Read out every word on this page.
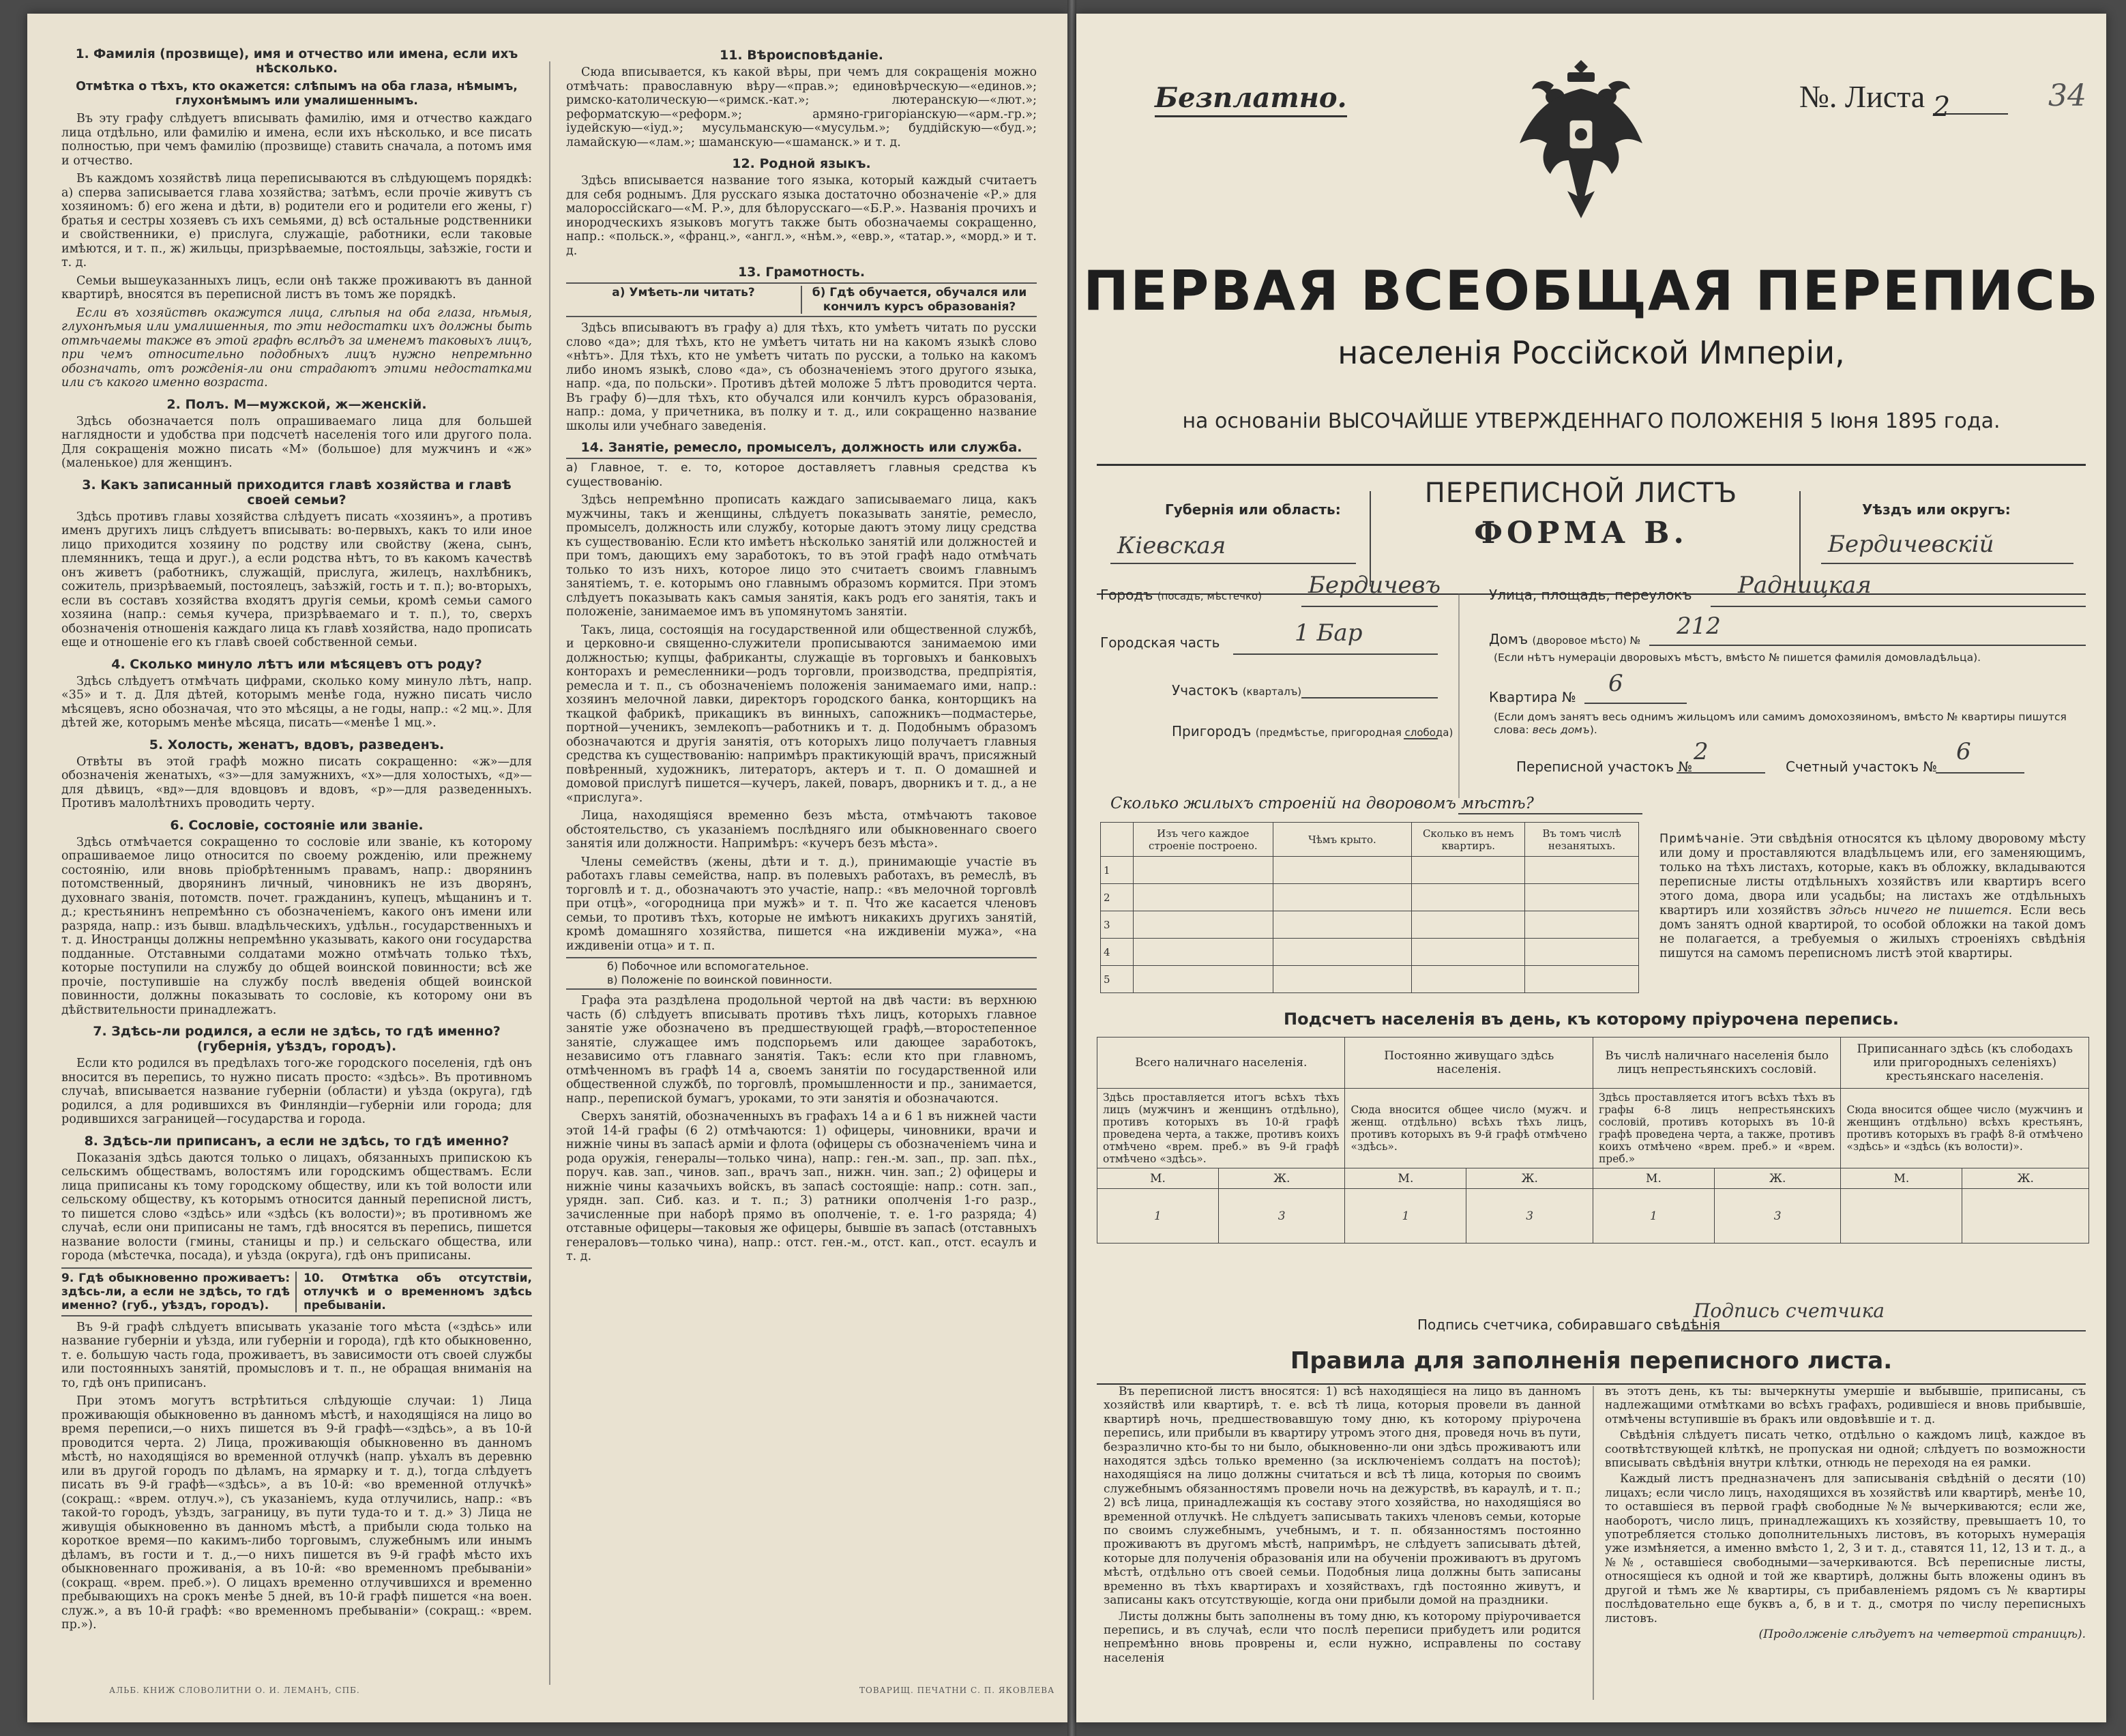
1. Фамилія (прозвище), имя и отчество или имена, если ихъ нѣсколько.

Отмѣтка о тѣхъ, кто окажется: слѣпымъ на оба глаза, нѣмымъ, глухонѣмымъ или умалишеннымъ.

Въ эту графу слѣдуетъ вписывать фамилію, имя и отчество каждаго лица отдѣльно, или фамилію и имена, если ихъ нѣсколько, и все писать полностью, при чемъ фамилію (прозвище) ставить сначала, а потомъ имя и отчество.

Въ каждомъ хозяйствѣ лица переписываются въ слѣдующемъ порядкѣ: а) сперва записывается глава хозяйства; затѣмъ, если прочіе живутъ съ хозяиномъ: б) его жена и дѣти, в) родители его и родители его жены, г) братья и сестры хозяевъ съ ихъ семьями, д) всѣ остальные родственники и свойственники, е) прислуга, служащіе, работники, если таковые имѣются, и т. п., ж) жильцы, призрѣваемые, постояльцы, заѣзжіе, гости и т. д.

Семьи вышеуказанныхъ лицъ, если онѣ также проживаютъ въ данной квартирѣ, вносятся въ переписной листъ въ томъ же порядкѣ.

Если въ хозяйствѣ окажутся лица, слѣпыя на оба глаза, нѣмыя, глухонѣмыя или умалишенныя, то эти недостатки ихъ должны быть отмѣчаемы также въ этой графѣ вслѣдъ за именемъ таковыхъ лицъ, при чемъ относительно подобныхъ лицъ нужно непремѣнно обозначать, отъ рожденія-ли они страдаютъ этими недостатками или съ какого именно возраста.

2. Полъ. М—мужской, ж—женскій.

Здѣсь обозначается полъ опрашиваемаго лица для большей наглядности и удобства при подсчетѣ населенія того или другого пола. Для сокращенія можно писать «М» (большое) для мужчинъ и «ж» (маленькое) для женщинъ.

3. Какъ записанный приходится главѣ хозяйства и главѣ своей семьи?

Здѣсь противъ главы хозяйства слѣдуетъ писать «хозяинъ», а противъ именъ другихъ лицъ слѣдуетъ вписывать: во-первыхъ, какъ то или иное лицо приходится хозяину по родству или свойству (жена, сынъ, племянникъ, теща и друг.), а если родства нѣтъ, то въ какомъ качествѣ онъ живетъ (работникъ, служащій, прислуга, жилецъ, нахлѣбникъ, сожитель, призрѣваемый, постоялецъ, заѣзжій, гость и т. п.); во-вторыхъ, если въ составъ хозяйства входятъ другія семьи, кромѣ семьи самого хозяина (напр.: семья кучера, призрѣваемаго и т. п.), то, сверхъ обозначенія отношенія каждаго лица къ главѣ хозяйства, надо прописать еще и отношеніе его къ главѣ своей собственной семьи.

4. Сколько минуло лѣтъ или мѣсяцевъ отъ роду?

Здѣсь слѣдуетъ отмѣчать цифрами, сколько кому минуло лѣтъ, напр. «35» и т. д. Для дѣтей, которымъ менѣе года, нужно писать число мѣсяцевъ, ясно обозначая, что это мѣсяцы, а не годы, напр.: «2 мц.». Для дѣтей же, которымъ менѣе мѣсяца, писать—«менѣе 1 мц.».

5. Холость, женатъ, вдовъ, разведенъ.

Отвѣты въ этой графѣ можно писать сокращенно: «ж»—для обозначенія женатыхъ, «з»—для замужнихъ, «х»—для холостыхъ, «д»—для дѣвицъ, «вд»—для вдовцовъ и вдовъ, «р»—для разведенныхъ. Противъ малолѣтнихъ проводить черту.

6. Сословіе, состояніе или званіе.

Здѣсь отмѣчается сокращенно то сословіе или званіе, къ которому опрашиваемое лицо относится по своему рожденію, или прежнему состоянію, или вновь пріобрѣтеннымъ правамъ, напр.: дворянинъ потомственный, дворянинъ личный, чиновникъ не изъ дворянъ, духовнаго званія, потомств. почет. гражданинъ, купецъ, мѣщанинъ и т. д.; крестьянинъ непремѣнно съ обозначеніемъ, какого онъ имени или разряда, напр.: изъ бывш. владѣльческихъ, удѣльн., государственныхъ и т. д. Иностранцы должны непремѣнно указывать, какого они государства подданные. Отставными солдатами можно отмѣчать только тѣхъ, которые поступили на службу до общей воинской повинности; всѣ же прочіе, поступившіе на службу послѣ введенія общей воинской повинности, должны показывать то сословіе, къ которому они въ дѣйствительности принадлежатъ.

7. Здѣсь-ли родился, а если не здѣсь, то гдѣ именно? (губернія, уѣздъ, городъ).

Если кто родился въ предѣлахъ того-же городского поселенія, гдѣ онъ вносится въ перепись, то нужно писать просто: «здѣсь». Въ противномъ случаѣ, вписывается название губерніи (области) и уѣзда (округа), гдѣ родился, а для родившихся въ Финляндіи—губерніи или города; для родившихся заграницей—государства и города.

8. Здѣсь-ли приписанъ, а если не здѣсь, то гдѣ именно?

Показанія здѣсь даются только о лицахъ, обязанныхъ припискою къ сельскимъ обществамъ, волостямъ или городскимъ обществамъ. Если лица приписаны къ тому городскому обществу, или къ той волости или сельскому обществу, къ которымъ относится данный переписной листъ, то пишется слово «здѣсь» или «здѣсь (къ волости)»; въ противномъ же случаѣ, если они приписаны не тамъ, гдѣ вносятся въ перепись, пишется название волости (гмины, станицы и пр.) и сельскаго общества, или города (мѣстечка, посада), и уѣзда (округа), гдѣ онъ приписаны.

9. Гдѣ обыкновенно проживаетъ: здѣсь-ли, а если не здѣсь, то гдѣ именно? (губ., уѣздъ, городъ).
10. Отмѣтка объ отсутствіи, отлучкѣ и о временномъ здѣсь пребываніи.

Въ 9-й графѣ слѣдуетъ вписывать указаніе того мѣста («здѣсь» или название губерніи и уѣзда, или губерніи и города), гдѣ кто обыкновенно, т. е. большую часть года, проживаетъ, въ зависимости отъ своей службы или постоянныхъ занятій, промысловъ и т. п., не обращая вниманія на то, гдѣ онъ приписанъ.

При этомъ могутъ встрѣтиться слѣдующіе случаи: 1) Лица проживающія обыкновенно въ данномъ мѣстѣ, и находящіяся на лицо во время переписи,—о нихъ пишется въ 9-й графѣ—«здѣсь», а въ 10-й проводится черта. 2) Лица, проживающія обыкновенно въ данномъ мѣстѣ, но находящіяся во временной отлучкѣ (напр. уѣхалъ въ деревню или въ другой городъ по дѣламъ, на ярмарку и т. д.), тогда слѣдуетъ писать въ 9-й графѣ—«здѣсь», а въ 10-й: «во временной отлучкѣ» (сокращ.: «врем. отлуч.»), съ указаніемъ, куда отлучились, напр.: «въ такой-то городъ, уѣздъ, заграницу, въ пути туда-то и т. д.» 3) Лица не живущія обыкновенно въ данномъ мѣстѣ, а прибыли сюда только на короткое время—по какимъ-либо торговымъ, служебнымъ или инымъ дѣламъ, въ гости и т. д.,—о нихъ пишется въ 9-й графѣ мѣсто ихъ обыкновеннаго проживанія, а въ 10-й: «во временномъ пребываніи» (сокращ. «врем. преб.»). О лицахъ временно отлучившихся и временно пребывающихъ на срокъ менѣе 5 дней, въ 10-й графѣ пишется «на воен. служ.», а въ 10-й графѣ: «во временномъ пребываніи» (сокращ.: «врем. пр.»).

11. Вѣроисповѣданіе.

Сюда вписывается, къ какой вѣры, при чемъ для сокращенія можно отмѣчать: православную вѣру—«прав.»; единовѣрческую—«единов.»; римско-католическую—«римск.-кат.»; лютеранскую—«лют.»; реформатскую—«реформ.»; армяно-григоріанскую—«арм.-гр.»; іудейскую—«іуд.»; мусульманскую—«мусульм.»; буддійскую—«буд.»; ламайскую—«лам.»; шаманскую—«шаманск.» и т. д.

12. Родной языкъ.

Здѣсь вписывается название того языка, который каждый считаетъ для себя роднымъ. Для русскаго языка достаточно обозначеніе «Р.» для малороссійскаго—«М. Р.», для бѣлорусскаго—«Б.Р.». Названія прочихъ и инородческихъ языковъ могутъ также быть обозначаемы сокращенно, напр.: «польск.», «франц.», «англ.», «нѣм.», «евр.», «татар.», «морд.» и т. д.

13. Грамотность.
а) Умѣеть-ли читать?	б) Гдѣ обучается, обучался или кончилъ курсъ образованія?

Здѣсь вписываютъ въ графу а) для тѣхъ, кто умѣетъ читать по русски слово «да»; для тѣхъ, кто не умѣетъ читать ни на какомъ языкѣ слово «нѣтъ». Для тѣхъ, кто не умѣетъ читать по русски, а только на какомъ либо иномъ языкѣ, слово «да», съ обозначеніемъ этого другого языка, напр. «да, по польски». Противъ дѣтей моложе 5 лѣтъ проводится черта. Въ графу б)—для тѣхъ, кто обучался или кончилъ курсъ образованія, напр.: дома, у причетника, въ полку и т. д., или сокращенно название школы или учебнаго заведенія.

14. Занятіе, ремесло, промыселъ, должность или служба.

а) Главное, т. е. то, которое доставляетъ главныя средства къ существованію.

Здѣсь непремѣнно прописать каждаго записываемаго лица, какъ мужчины, такъ и женщины, слѣдуетъ показывать занятіе, ремесло, промыселъ, должность или службу, которые даютъ этому лицу средства къ существованію. Если кто имѣетъ нѣсколько занятій или должностей и при томъ, дающихъ ему заработокъ, то въ этой графѣ надо отмѣчать только то изъ нихъ, которое лицо это считаетъ своимъ главнымъ занятіемъ, т. е. которымъ оно главнымъ образомъ кормится. При этомъ слѣдуетъ показывать какъ самыя занятія, какъ родъ его занятія, такъ и положеніе, занимаемое имъ въ упомянутомъ занятіи.

Такъ, лица, состоящія на государственной или общественной службѣ, и церковно-и священно-служители прописываются занимаемою ими должностью; купцы, фабриканты, служащіе въ торговыхъ и банковыхъ конторахъ и ремесленники—родъ торговли, производства, предпріятія, ремесла и т. п., съ обозначеніемъ положенія занимаемаго ими, напр.: хозяинъ мелочной лавки, директоръ городского банка, конторщикъ на ткацкой фабрикѣ, прикащикъ въ винныхъ, сапожникъ—подмастерье, портной—ученикъ, землекопъ—работникъ и т. д. Подобнымъ образомъ обозначаются и другія занятія, отъ которыхъ лицо получаетъ главныя средства къ существованію: напримѣръ практикующій врачъ, присяжный повѣренный, художникъ, литераторъ, актеръ и т. п. О домашней и домовой прислугѣ пишется—кучеръ, лакей, поваръ, дворникъ и т. д., а не «прислуга».

Лица, находящіяся временно безъ мѣста, отмѣчаютъ таковое обстоятельство, съ указаніемъ послѣдняго или обыкновеннаго своего занятія или должности. Напримѣръ: «кучеръ безъ мѣста».

Члены семействъ (жены, дѣти и т. д.), принимающіе участіе въ работахъ главы семейства, напр. въ полевыхъ работахъ, въ ремеслѣ, въ торговлѣ и т. д., обозначаютъ это участіе, напр.: «въ мелочной торговлѣ при отцѣ», «огородница при мужѣ» и т. п. Что же касается членовъ семьи, то противъ тѣхъ, которые не имѣютъ никакихъ другихъ занятій, кромѣ домашняго хозяйства, пишется «на иждивеніи мужа», «на иждивеніи отца» и т. п.

б) Побочное или вспомогательное.
в) Положеніе по воинской повинности.

Графа эта раздѣлена продольной чертой на двѣ части: въ верхнюю часть (б) слѣдуетъ вписывать противъ тѣхъ лицъ, которыхъ главное занятіе уже обозначено въ предшествующей графѣ,—второстепенное занятіе, служащее имъ подспорьемъ или дающее заработокъ, независимо отъ главнаго занятія. Такъ: если кто при главномъ, отмѣченномъ въ графѣ 14 а, своемъ занятіи по государственной или общественной службѣ, по торговлѣ, промышленности и пр., занимается, напр., перепиской бумагъ, уроками, то эти занятія и обозначаются.

Сверхъ занятій, обозначенныхъ въ графахъ 14 а и 6 1 въ нижней части этой 14-й графы (6 2) отмѣчаются: 1) офицеры, чиновники, врачи и нижніе чины въ запасѣ арміи и флота (офицеры съ обозначеніемъ чина и рода оружія, генералы—только чина), напр.: ген.-м. зап., пр. зап. пѣх., поруч. кав. зап., чинов. зап., врачъ зап., нижн. чин. зап.; 2) офицеры и нижніе чины казачьихъ войскъ, въ запасѣ состоящіе: напр.: сотн. зап., урядн. зап. Сиб. каз. и т. п.; 3) ратники ополченія 1-го разр., зачисленные при наборѣ прямо въ ополченіе, т. е. 1-го разряда; 4) отставные офицеры—таковыя же офицеры, бывшіе въ запасѣ (отставныхъ генераловъ—только чина), напр.: отст. ген.-м., отст. кап., отст. есаулъ и т. д.

АЛЬБ. КНИЖ СЛОВОЛИТНИ О. И. ЛЕМАНЪ, СПБ.	ТОВАРИЩ. ПЕЧАТНИ С. П. ЯКОВЛЕВА
Безплатно.	№. Листа 2	34
ПЕРВАЯ ВСЕОБЩАЯ ПЕРЕПИСЬ
населенія Россійской Имперіи,
на основаніи ВЫСОЧАЙШЕ УТВЕРЖДЕННАГО ПОЛОЖЕНІЯ 5 Іюня 1895 года.
Губернія или область:
Кіевская
ПЕРЕПИСНОЙ ЛИСТЪ
ФОРМА В.
Уѣздъ или округъ:
Бердичевскій
Городъ (посадъ, мѣстечко) Бердичевъ	Улица, площадь, переулокъ Радницкая
Городская часть	1 Бар	Домъ (дворовое мѣсто) №
212
(Если нѣтъ нумераціи дворовыхъ мѣстъ, вмѣсто № пишется фамилія домовладѣльца).
Участокъ (кварталъ)	Квартира № 6
(Если домъ занятъ весь однимъ жильцомъ или самимъ домохозяиномъ, вмѣсто № квартиры пишутся слова: весь домъ).
Пригородъ (предмѣстье, пригородная слобода)
Переписной участокъ №
2
Счетный участокъ №
6
Сколько жилыхъ строеній на дворовомъ мѣстѣ?
	Изъ чего каждое строеніе построено.	Чѣмъ крыто.	Сколько въ немъ квартиръ.	Въ томъ числѣ незанятыхъ.
1				
2				
3				
4				
5				
Примѣчаніе. Эти свѣдѣнія относятся къ цѣлому дворовому мѣсту или дому и проставляются владѣльцемъ или, его заменяющимъ, только на тѣхъ листахъ, которые, какъ въ обложку, вкладываются переписные листы отдѣльныхъ хозяйствъ или квартиръ всего этого дома, двора или усадьбы; на листахъ же отдѣльныхъ квартиръ или хозяйствъ здѣсь ничего не пишется. Если весь домъ занятъ одной квартирой, то особой обложки на такой домъ не полагается, а требуемыя о жилыхъ строеніяхъ свѣдѣнія пишутся на самомъ переписномъ листѣ этой квартиры.
Подсчетъ населенія въ день, къ которому пріурочена перепись.
Всего наличнаго населенія.		Постоянно живущаго здѣсь населенія.		Въ числѣ наличнаго населенія было лицъ непрестьянскихъ сословій.		Приписаннаго здѣсь (къ слободахъ или пригородныхъ селеніяхъ) крестьянскаго населенія.	
Здѣсь проставляется итогъ всѣхъ тѣхъ лицъ (мужчинъ и женщинъ отдѣльно), противъ которыхъ въ 10-й графѣ проведена черта, а также, противъ коихъ отмѣчено «врем. преб.» въ 9-й графѣ отмѣчено «здѣсь».		Сюда вносится общее число (мужч. и женщ. отдѣльно) всѣхъ тѣхъ лицъ, противъ которыхъ въ 9-й графѣ отмѣчено «здѣсь».		Здѣсь проставляется итогъ всѣхъ тѣхъ въ графы 6-8 лицъ непрестьянскихъ сословій, противъ которыхъ въ 10-й графѣ проведена черта, а также, противъ коихъ отмѣчено «врем. преб.» и «врем. преб.»		Сюда вносится общее число (мужчинъ и женщинъ отдѣльно) всѣхъ крестьянъ, противъ которыхъ въ графѣ 8-й отмѣчено «здѣсь» и «здѣсь (къ волости)».	
М.	Ж.	М.	Ж.	М.	Ж.	М.	Ж.
1	3	1	3	1	3		
Подпись счетчика, собиравшаго свѣдѣнія
Подпись счетчика
Правила для заполненія переписного листа.

Въ переписной листъ вносятся: 1) всѣ находящіеся на лицо въ данномъ хозяйствѣ или квартирѣ, т. е. всѣ тѣ лица, которыя провели въ данной квартирѣ ночь, предшествовавшую тому дню, къ которому пріурочена перепись, или прибыли въ квартиру утромъ этого дня, проведя ночь въ пути, безразлично кто-бы то ни было, обыкновенно-ли они здѣсь проживаютъ или находятся здѣсь только временно (за исключеніемъ солдатъ на постоѣ); находящіяся на лицо должны считаться и всѣ тѣ лица, которыя по своимъ служебнымъ обязанностямъ провели ночь на дежурствѣ, въ караулѣ, и т. п.; 2) всѣ лица, принадлежащія къ составу этого хозяйства, но находящіяся во временной отлучкѣ. Не слѣдуетъ записывать такихъ членовъ семьи, которые по своимъ служебнымъ, учебнымъ, и т. п. обязанностямъ постоянно проживаютъ въ другомъ мѣстѣ, напримѣръ, не слѣдуетъ записывать дѣтей, которые для полученія образованія или на обученіи проживаютъ въ другомъ мѣстѣ, отдѣльно отъ своей семьи. Подобныя лица должны быть записаны временно въ тѣхъ квартирахъ и хозяйствахъ, гдѣ постоянно живутъ, и записаны какъ отсутствующіе, когда они прибыли домой на праздники.

Листы должны быть заполнены въ тому дню, къ которому пріурочивается перепись, и въ случаѣ, если что послѣ переписи прибудетъ или родится непремѣнно вновь проврены и, если нужно, исправлены по составу населенія

въ этотъ день, къ ты: вычеркнуты умершіе и выбывшіе, приписаны, съ надлежащими отмѣтками во всѣхъ графахъ, родившіеся и вновь прибывшіе, отмѣчены вступившіе въ бракъ или овдовѣвшіе и т. д.

Свѣдѣнія слѣдуетъ писать четко, отдѣльно о каждомъ лицѣ, каждое въ соотвѣтствующей клѣткѣ, не пропуская ни одной; слѣдуетъ по возможности вписывать свѣдѣнія внутри клѣтки, отнюдь не переходя на ея рамки.

Каждый листъ предназначенъ для записыванія свѣдѣній о десяти (10) лицахъ; если число лицъ, находящихся въ хозяйствѣ или квартирѣ, менѣе 10, то оставшіеся въ первой графѣ свободные №№ вычеркиваются; если же, наоборотъ, число лицъ, принадлежащихъ къ хозяйству, превышаетъ 10, то употребляется столько дополнительныхъ листовъ, въ которыхъ нумерація уже измѣняется, а именно вмѣсто 1, 2, 3 и т. д., ставятся 11, 12, 13 и т. д., а №№, оставшіеся свободными—зачеркиваются. Всѣ переписные листы, относящіеся къ одной и той же квартирѣ, должны быть вложены одинъ въ другой и тѣмъ же № квартиры, съ прибавленіемъ рядомъ съ № квартиры послѣдовательно еще буквъ а, б, в и т. д., смотря по числу переписныхъ листовъ.

(Продолженіе слѣдуетъ на четвертой страницѣ).
